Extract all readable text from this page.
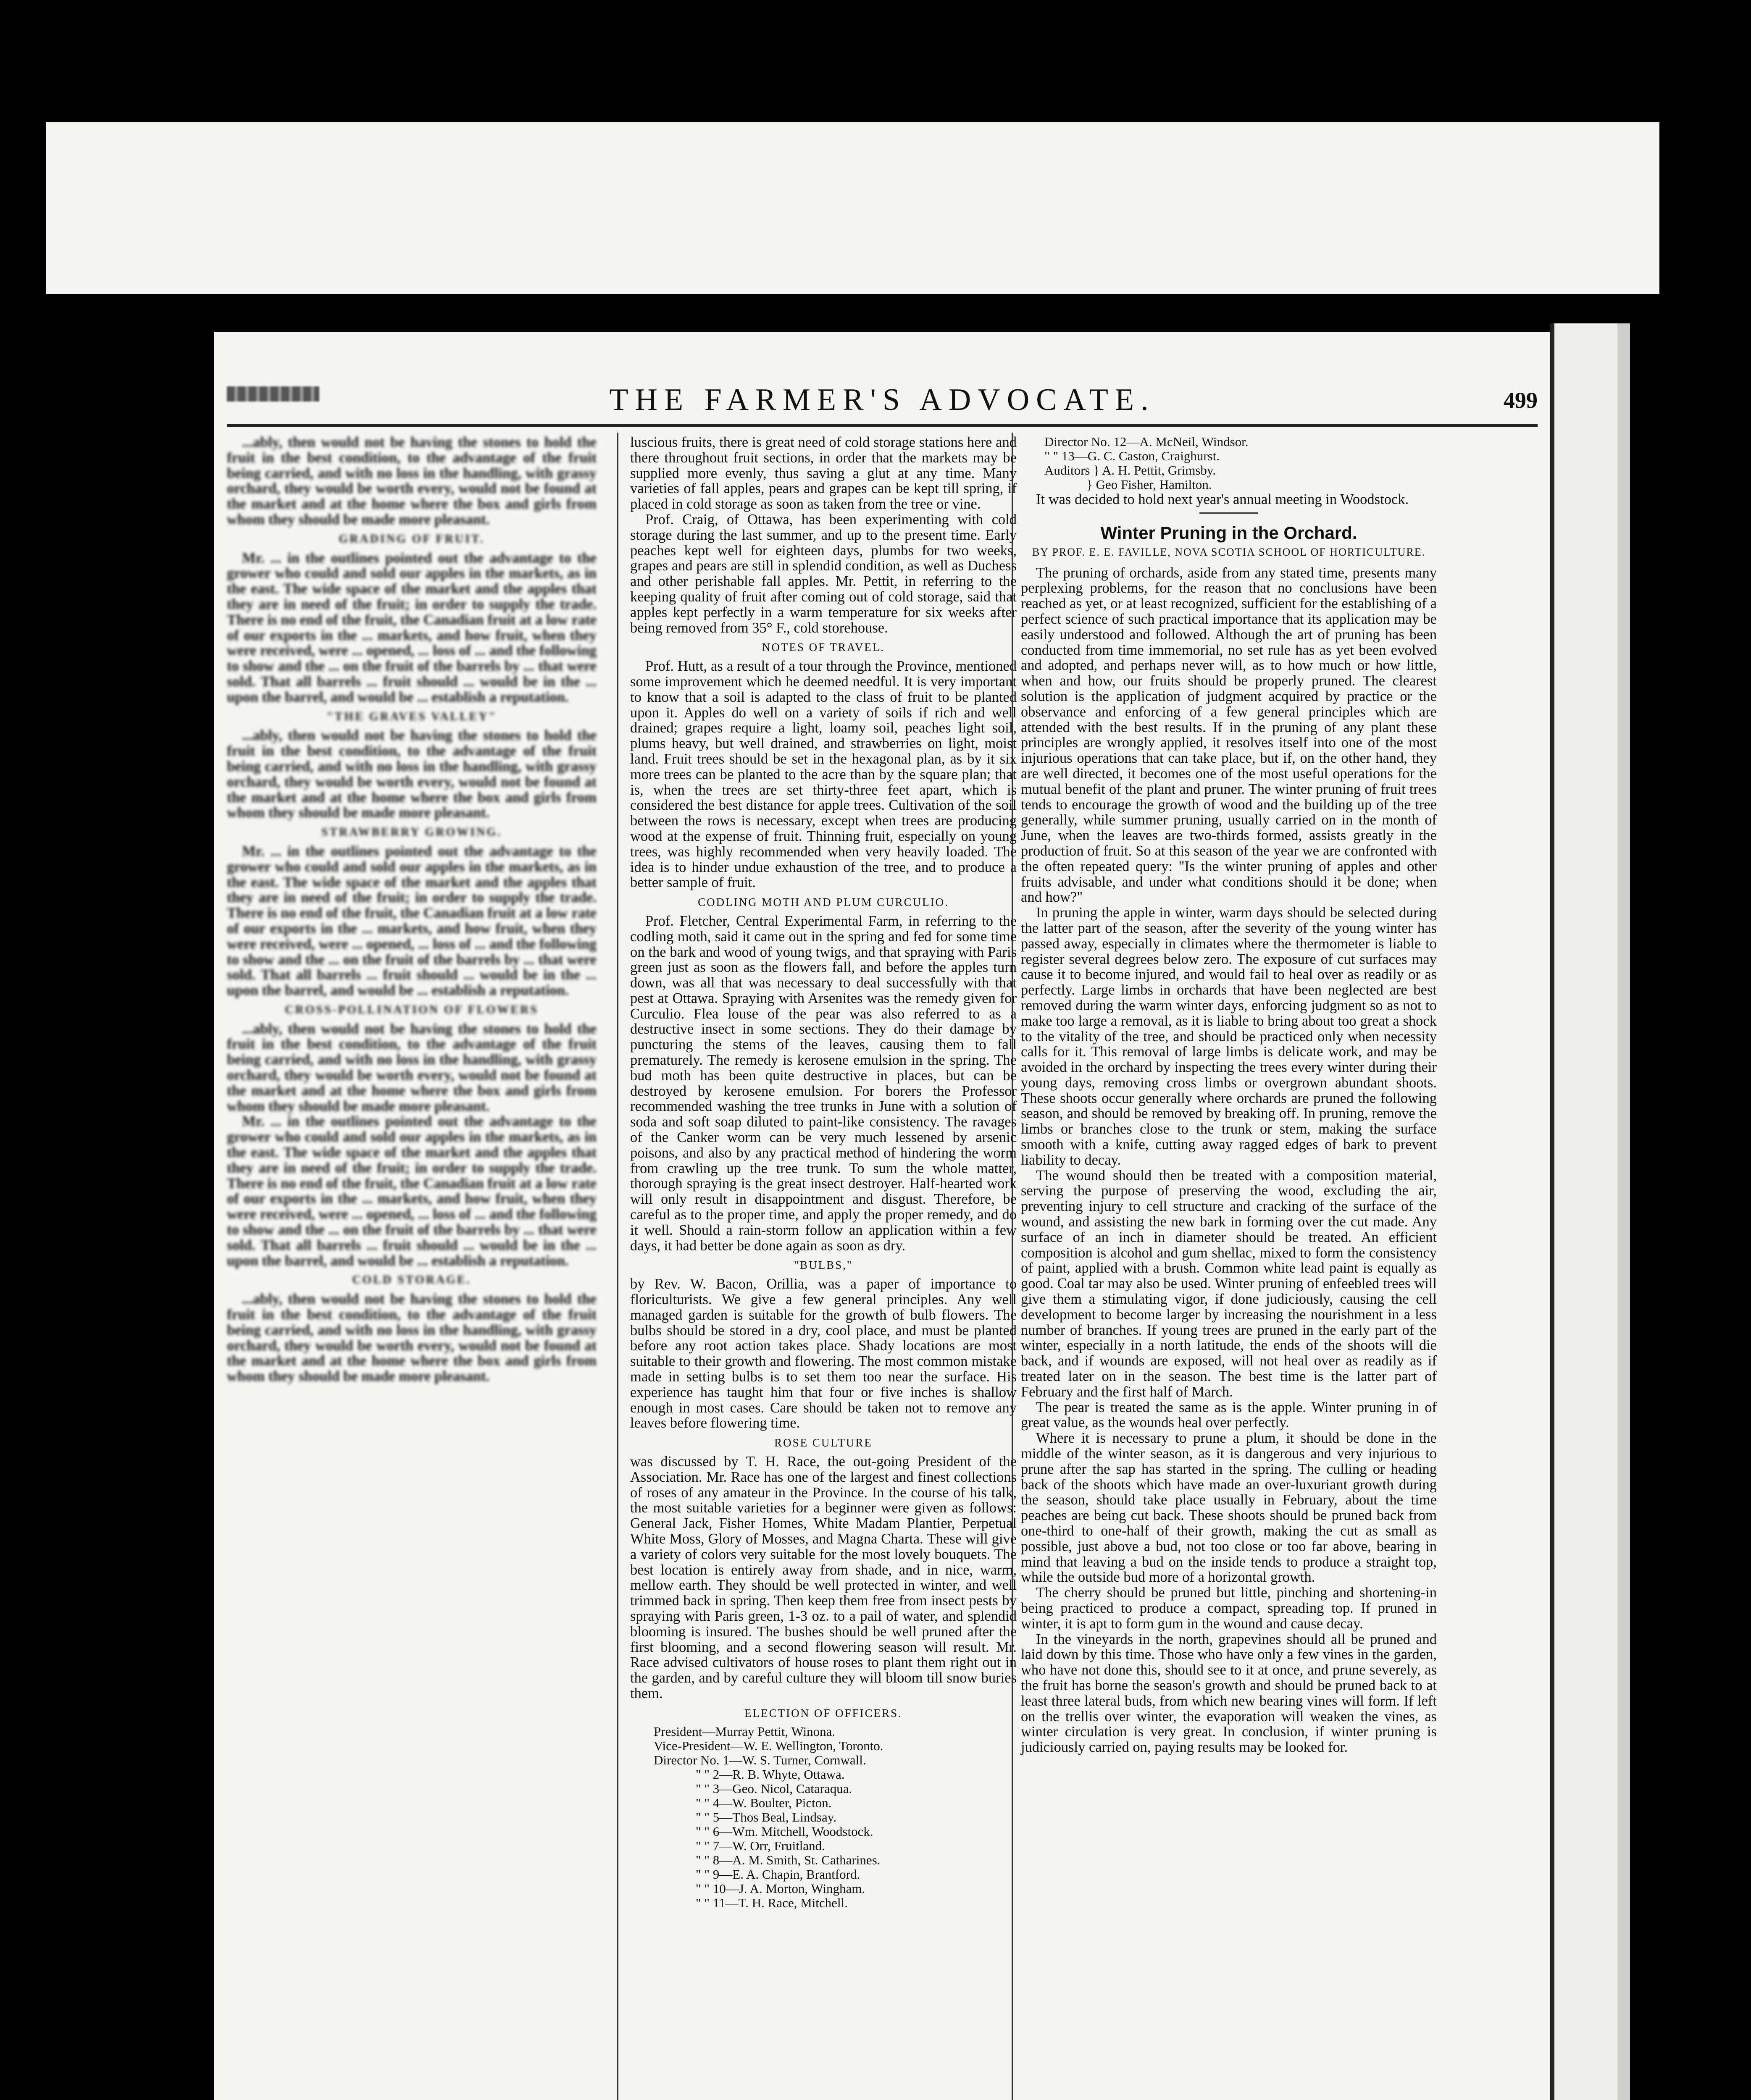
THE FARMER'S ADVOCATE.	499

...ably, then would not be having the stones to hold the fruit in the best condition, to the advantage of the fruit being carried, and with no loss in the handling, with grassy orchard, they would be worth every, would not be found at the market and at the home where the box and girls from whom they should be made more pleasant.

GRADING OF FRUIT.

Mr. ... in the outlines pointed out the advantage to the grower who could and sold our apples in the markets, as in the east. The wide space of the market and the apples that they are in need of the fruit; in order to supply the trade. There is no end of the fruit, the Canadian fruit at a low rate of our exports in the ... markets, and how fruit, when they were received, were ... opened, ... loss of ... and the following to show and the ... on the fruit of the barrels by ... that were sold. That all barrels ... fruit should ... would be in the ... upon the barrel, and would be ... establish a reputation.

"THE GRAVES VALLEY"

...ably, then would not be having the stones to hold the fruit in the best condition, to the advantage of the fruit being carried, and with no loss in the handling, with grassy orchard, they would be worth every, would not be found at the market and at the home where the box and girls from whom they should be made more pleasant.

STRAWBERRY GROWING.

Mr. ... in the outlines pointed out the advantage to the grower who could and sold our apples in the markets, as in the east. The wide space of the market and the apples that they are in need of the fruit; in order to supply the trade. There is no end of the fruit, the Canadian fruit at a low rate of our exports in the ... markets, and how fruit, when they were received, were ... opened, ... loss of ... and the following to show and the ... on the fruit of the barrels by ... that were sold. That all barrels ... fruit should ... would be in the ... upon the barrel, and would be ... establish a reputation.

CROSS-POLLINATION OF FLOWERS

...ably, then would not be having the stones to hold the fruit in the best condition, to the advantage of the fruit being carried, and with no loss in the handling, with grassy orchard, they would be worth every, would not be found at the market and at the home where the box and girls from whom they should be made more pleasant.

Mr. ... in the outlines pointed out the advantage to the grower who could and sold our apples in the markets, as in the east. The wide space of the market and the apples that they are in need of the fruit; in order to supply the trade. There is no end of the fruit, the Canadian fruit at a low rate of our exports in the ... markets, and how fruit, when they were received, were ... opened, ... loss of ... and the following to show and the ... on the fruit of the barrels by ... that were sold. That all barrels ... fruit should ... would be in the ... upon the barrel, and would be ... establish a reputation.

COLD STORAGE.

...ably, then would not be having the stones to hold the fruit in the best condition, to the advantage of the fruit being carried, and with no loss in the handling, with grassy orchard, they would be worth every, would not be found at the market and at the home where the box and girls from whom they should be made more pleasant.

luscious fruits, there is great need of cold storage stations here and there throughout fruit sections, in order that the markets may be supplied more evenly, thus saving a glut at any time. Many varieties of fall apples, pears and grapes can be kept till spring, if placed in cold storage as soon as taken from the tree or vine.

Prof. Craig, of Ottawa, has been experimenting with cold storage during the last summer, and up to the present time. Early peaches kept well for eighteen days, plumbs for two weeks, grapes and pears are still in splendid condition, as well as Duchess and other perishable fall apples. Mr. Pettit, in referring to the keeping quality of fruit after coming out of cold storage, said that apples kept perfectly in a warm temperature for six weeks after being removed from 35° F., cold storehouse.

NOTES OF TRAVEL.

Prof. Hutt, as a result of a tour through the Province, mentioned some improvement which he deemed needful. It is very important to know that a soil is adapted to the class of fruit to be planted upon it. Apples do well on a variety of soils if rich and well drained; grapes require a light, loamy soil, peaches light soil, plums heavy, but well drained, and strawberries on light, moist land. Fruit trees should be set in the hexagonal plan, as by it six more trees can be planted to the acre than by the square plan; that is, when the trees are set thirty-three feet apart, which is considered the best distance for apple trees. Cultivation of the soil between the rows is necessary, except when trees are producing wood at the expense of fruit. Thinning fruit, especially on young trees, was highly recommended when very heavily loaded. The idea is to hinder undue exhaustion of the tree, and to produce a better sample of fruit.

CODLING MOTH AND PLUM CURCULIO.

Prof. Fletcher, Central Experimental Farm, in referring to the codling moth, said it came out in the spring and fed for some time on the bark and wood of young twigs, and that spraying with Paris green just as soon as the flowers fall, and before the apples turn down, was all that was necessary to deal successfully with that pest at Ottawa. Spraying with Arsenites was the remedy given for Curculio. Flea louse of the pear was also referred to as a destructive insect in some sections. They do their damage by puncturing the stems of the leaves, causing them to fall prematurely. The remedy is kerosene emulsion in the spring. The bud moth has been quite destructive in places, but can be destroyed by kerosene emulsion. For borers the Professor recommended washing the tree trunks in June with a solution of soda and soft soap diluted to paint-like consistency. The ravages of the Canker worm can be very much lessened by arsenic poisons, and also by any practical method of hindering the worm from crawling up the tree trunk. To sum the whole matter, thorough spraying is the great insect destroyer. Half-hearted work will only result in disappointment and disgust. Therefore, be careful as to the proper time, and apply the proper remedy, and do it well. Should a rain-storm follow an application within a few days, it had better be done again as soon as dry.

"BULBS,"

by Rev. W. Bacon, Orillia, was a paper of importance to floriculturists. We give a few general principles. Any well managed garden is suitable for the growth of bulb flowers. The bulbs should be stored in a dry, cool place, and must be planted before any root action takes place. Shady locations are most suitable to their growth and flowering. The most common mistake made in setting bulbs is to set them too near the surface. His experience has taught him that four or five inches is shallow enough in most cases. Care should be taken not to remove any leaves before flowering time.

ROSE CULTURE

was discussed by T. H. Race, the out-going President of the Association. Mr. Race has one of the largest and finest collections of roses of any amateur in the Province. In the course of his talk, the most suitable varieties for a beginner were given as follows: General Jack, Fisher Homes, White Madam Plantier, Perpetual White Moss, Glory of Mosses, and Magna Chartа. These will give a variety of colors very suitable for the most lovely bouquets. The best location is entirely away from shade, and in nice, warm, mellow earth. They should be well protected in winter, and well trimmed back in spring. Then keep them free from insect pests by spraying with Paris green, 1-3 oz. to a pail of water, and splendid blooming is insured. The bushes should be well pruned after the first blooming, and a second flowering season will result. Mr. Race advised cultivators of house roses to plant them right out in the garden, and by careful culture they will bloom till snow buries them.

ELECTION OF OFFICERS.

President—Murray Pettit, Winona.

Vice-President—W. E. Wellington, Toronto.

Director No. 1—W. S. Turner, Cornwall.

" " 2—R. B. Whyte, Ottawa.

" " 3—Geo. Nicol, Cataraqua.

" " 4—W. Boulter, Picton.

" " 5—Thos Beal, Lindsay.

" " 6—Wm. Mitchell, Woodstock.

" " 7—W. Orr, Fruitland.

" " 8—A. M. Smith, St. Catharines.

" " 9—E. A. Chapin, Brantford.

" " 10—J. A. Morton, Wingham.

" " 11—T. H. Race, Mitchell.

Director No. 12—A. McNeil, Windsor.

" " 13—G. C. Caston, Craighurst.

Auditors } A. H. Pettit, Grimsby.

} Geo Fisher, Hamilton.

It was decided to hold next year's annual meeting in Woodstock.

Winter Pruning in the Orchard.
BY PROF. E. E. FAVILLE, NOVA SCOTIA SCHOOL OF HORTICULTURE.

The pruning of orchards, aside from any stated time, presents many perplexing problems, for the reason that no conclusions have been reached as yet, or at least recognized, sufficient for the establishing of a perfect science of such practical importance that its application may be easily understood and followed. Although the art of pruning has been conducted from time immemorial, no set rule has as yet been evolved and adopted, and perhaps never will, as to how much or how little, when and how, our fruits should be properly pruned. The clearest solution is the application of judgment acquired by practice or the observance and enforcing of a few general principles which are attended with the best results. If in the pruning of any plant these principles are wrongly applied, it resolves itself into one of the most injurious operations that can take place, but if, on the other hand, they are well directed, it becomes one of the most useful operations for the mutual benefit of the plant and pruner. The winter pruning of fruit trees tends to encourage the growth of wood and the building up of the tree generally, while summer pruning, usually carried on in the month of June, when the leaves are two-thirds formed, assists greatly in the production of fruit. So at this season of the year we are confronted with the often repeated query: "Is the winter pruning of apples and other fruits advisable, and under what conditions should it be done; when and how?"

In pruning the apple in winter, warm days should be selected during the latter part of the season, after the severity of the young winter has passed away, especially in climates where the thermometer is liable to register several degrees below zero. The exposure of cut surfaces may cause it to become injured, and would fail to heal over as readily or as perfectly. Large limbs in orchards that have been neglected are best removed during the warm winter days, enforcing judgment so as not to make too large a removal, as it is liable to bring about too great a shock to the vitality of the tree, and should be practiced only when necessity calls for it. This removal of large limbs is delicate work, and may be avoided in the orchard by inspecting the trees every winter during their young days, removing cross limbs or overgrown abundant shoots. These shoots occur generally where orchards are pruned the following season, and should be removed by breaking off. In pruning, remove the limbs or branches close to the trunk or stem, making the surface smooth with a knife, cutting away ragged edges of bark to prevent liability to decay.

The wound should then be treated with a composition material, serving the purpose of preserving the wood, excluding the air, preventing injury to cell structure and cracking of the surface of the wound, and assisting the new bark in forming over the cut made. Any surface of an inch in diameter should be treated. An efficient composition is alcohol and gum shellac, mixed to form the consistency of paint, applied with a brush. Common white lead paint is equally as good. Coal tar may also be used. Winter pruning of enfeebled trees will give them a stimulating vigor, if done judiciously, causing the cell development to become larger by increasing the nourishment in a less number of branches. If young trees are pruned in the early part of the winter, especially in a north latitude, the ends of the shoots will die back, and if wounds are exposed, will not heal over as readily as if treated later on in the season. The best time is the latter part of February and the first half of March.

The pear is treated the same as is the apple. Winter pruning in of great value, as the wounds heal over perfectly.

Where it is necessary to prune a plum, it should be done in the middle of the winter season, as it is dangerous and very injurious to prune after the sap has started in the spring. The culling or heading back of the shoots which have made an over-luxuriant growth during the season, should take place usually in February, about the time peaches are being cut back. These shoots should be pruned back from one-third to one-half of their growth, making the cut as small as possible, just above a bud, not too close or too far above, bearing in mind that leaving a bud on the inside tends to produce a straight top, while the outside bud more of a horizontal growth.

The cherry should be pruned but little, pinching and shortening-in being practiced to produce a compact, spreading top. If pruned in winter, it is apt to form gum in the wound and cause decay.

In the vineyards in the north, grapevines should all be pruned and laid down by this time. Those who have only a few vines in the garden, who have not done this, should see to it at once, and prune severely, as the fruit has borne the season's growth and should be pruned back to at least three lateral buds, from which new bearing vines will form. If left on the trellis over winter, the evaporation will weaken the vines, as winter circulation is very great. In conclusion, if winter pruning is judiciously carried on, paying results may be looked for.
